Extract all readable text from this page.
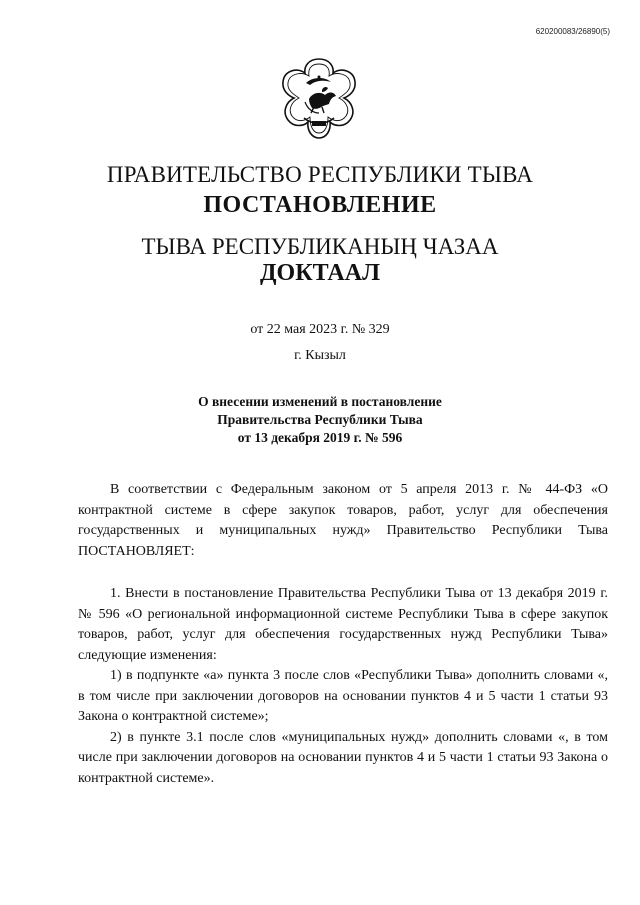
620200083/26890(5)
ПРАВИТЕЛЬСТВО РЕСПУБЛИКИ ТЫВА
ПОСТАНОВЛЕНИЕ
ТЫВА РЕСПУБЛИКАНЫҢ ЧАЗАА
ДОКТААЛ
от 22 мая 2023 г. № 329
г. Кызыл
О внесении изменений в постановление
Правительства Республики Тыва
от 13 декабря 2019 г. № 596

В соответствии с Федеральным законом от 5 апреля 2013 г. № 44-ФЗ «О контрактной системе в сфере закупок товаров, работ, услуг для обеспечения государственных и муниципальных нужд» Правительство Республики Тыва ПОСТАНОВЛЯЕТ:

1. Внести в постановление Правительства Республики Тыва от 13 декабря 2019 г. № 596 «О региональной информационной системе Республики Тыва в сфере закупок товаров, работ, услуг для обеспечения государственных нужд Республики Тыва» следующие изменения:

1) в подпункте «а» пункта 3 после слов «Республики Тыва» дополнить словами «, в том числе при заключении договоров на основании пунктов 4 и 5 части 1 статьи 93 Закона о контрактной системе»;

2) в пункте 3.1 после слов «муниципальных нужд» дополнить словами «, в том числе при заключении договоров на основании пунктов 4 и 5 части 1 статьи 93 Закона о контрактной системе».
